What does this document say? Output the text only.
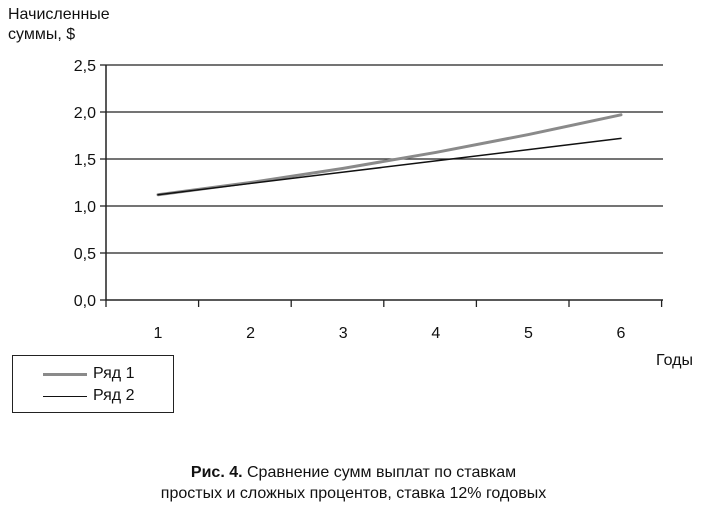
0,0
0,5
1,0
1,5
2,0
2,5
1	2	3	4	5	6
Начисленные
суммы, $
Годы
Ряд 1
Ряд 2
Рис. 4. Сравнение сумм выплат по ставкам
простых и сложных процентов, ставка 12% годовых
